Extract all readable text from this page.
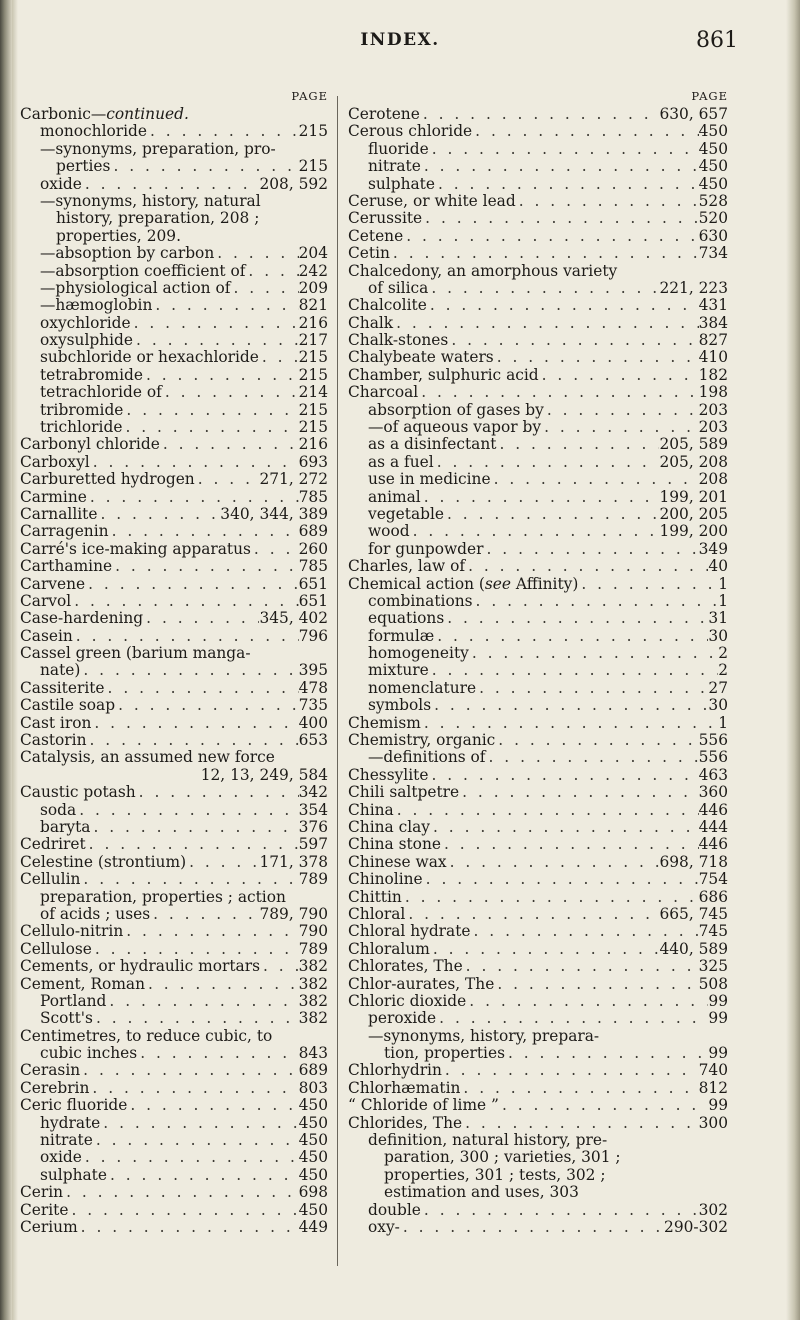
INDEX.	861
PAGE
Carbonic—continued.
monochloride . . .	215
—synonyms, preparation, pro-
perties . . .	215
oxide . . .	208, 592
—synonyms, history, natural
history, preparation, 208 ;
properties, 209.
—absoption by carbon . . .	204
—absorption coefficient of . . .	242
—physiological action of . . .	209
—hæmoglobin . . .	821
oxychloride . . .	216
oxysulphide . . .	217
subchloride or hexachloride . . .	215
tetrabromide . . .	215
tetrachloride of . . .	214
tribromide . . .	215
trichloride . . .	215
Carbonyl chloride . . .	216
Carboxyl . . .	693
Carburetted hydrogen . . .	271, 272
Carmine . . .	785
Carnallite . . .	340, 344, 389
Carragenin . . .	689
Carré's ice-making apparatus . . .	260
Carthamine . . .	785
Carvene . . .	651
Carvol . . .	651
Case-hardening . . .	345, 402
Casein . . .	796
Cassel green (barium manga-
nate) . . .	395
Cassiterite . . .	478
Castile soap . . .	735
Cast iron . . .	400
Castorin . . .	653
Catalysis, an assumed new force
12, 13, 249, 584
Caustic potash . . .	342
soda . . .	354
baryta . . .	376
Cedriret . . .	597
Celestine (strontium) . . .	171, 378
Cellulin . . .	789
preparation, properties ; action
of acids ; uses . . .	789, 790
Cellulo-nitrin . . .	790
Cellulose . . .	789
Cements, or hydraulic mortars . . .	382
Cement, Roman . . .	382
Portland . . .	382
Scott's . . .	382
Centimetres, to reduce cubic, to
cubic inches . . .	843
Cerasin . . .	689
Cerebrin . . .	803
Ceric fluoride . . .	450
hydrate . . .	450
nitrate . . .	450
oxide . . .	450
sulphate . . .	450
Cerin . . .	698
Cerite . . .	450
Cerium . . .	449
PAGE
Cerotene . . .	630, 657
Cerous chloride . . .	450
fluoride . . .	450
nitrate . . .	450
sulphate . . .	450
Ceruse, or white lead . . .	528
Cerussite . . .	520
Cetene . . .	630
Cetin . . .	734
Chalcedony, an amorphous variety
of silica . . .	221, 223
Chalcolite . . .	431
Chalk . . .	384
Chalk-stones . . .	827
Chalybeate waters . . .	410
Chamber, sulphuric acid . . .	182
Charcoal . . .	198
absorption of gases by . . .	203
—of aqueous vapor by . . .	203
as a disinfectant . . .	205, 589
as a fuel . . .	205, 208
use in medicine . . .	208
animal . . .	199, 201
vegetable . . .	200, 205
wood . . .	199, 200
for gunpowder . . .	349
Charles, law of . . .	40
Chemical action (see Affinity) . . .	1
combinations . . .	1
equations . . .	31
formulæ . . .	30
homogeneity . . .	2
mixture . . .	2
nomenclature . . .	27
symbols . . .	30
Chemism . . .	1
Chemistry, organic . . .	556
—definitions of . . .	556
Chessylite . . .	463
Chili saltpetre . . .	360
China . . .	446
China clay . . .	444
China stone . . .	446
Chinese wax . . .	698, 718
Chinoline . . .	754
Chittin . . .	686
Chloral . . .	665, 745
Chloral hydrate . . .	745
Chloralum . . .	440, 589
Chlorates, The . . .	325
Chlor-aurates, The . . .	508
Chloric dioxide . . .	99
peroxide . . .	99
—synonyms, history, prepara-
tion, properties . . .	99
Chlorhydrin . . .	740
Chlorhæmatin . . .	812
“ Chloride of lime ” . . .	99
Chlorides, The . . .	300
definition, natural history, pre-
paration, 300 ; varieties, 301 ;
properties, 301 ; tests, 302 ;
estimation and uses, 303
double . . .	302
oxy- . . .	290-302
